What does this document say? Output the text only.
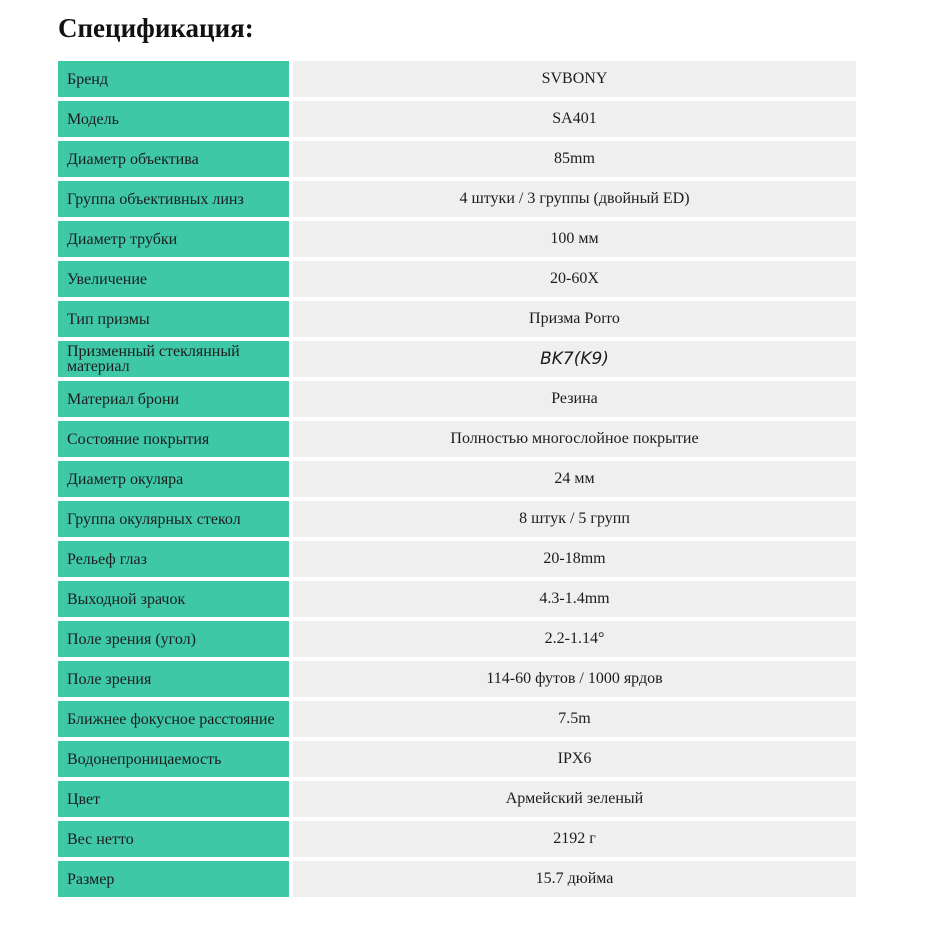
Спецификация:
Бренд		SVBONY
Модель		SA401
Диаметр объектива		85mm
Группа объективных линз		4 штуки / 3 группы (двойный ED)
Диаметр трубки		100 мм
Увеличение		20-60X
Тип призмы		Призма Porro
Призменный стеклянный материал		BK7(K9)
Материал брони		Резина
Состояние покрытия		Полностью многослойное покрытие
Диаметр окуляра		24 мм
Группа окулярных стекол		8 штук / 5 групп
Рельеф глаз		20-18mm
Выходной зрачок		4.3-1.4mm
Поле зрения (угол)		2.2-1.14°
Поле зрения		114-60 футов / 1000 ярдов
Ближнее фокусное расстояние		7.5m
Водонепроницаемость		IPX6
Цвет		Армейский зеленый
Вес нетто		2192 г
Размер		15.7 дюйма
